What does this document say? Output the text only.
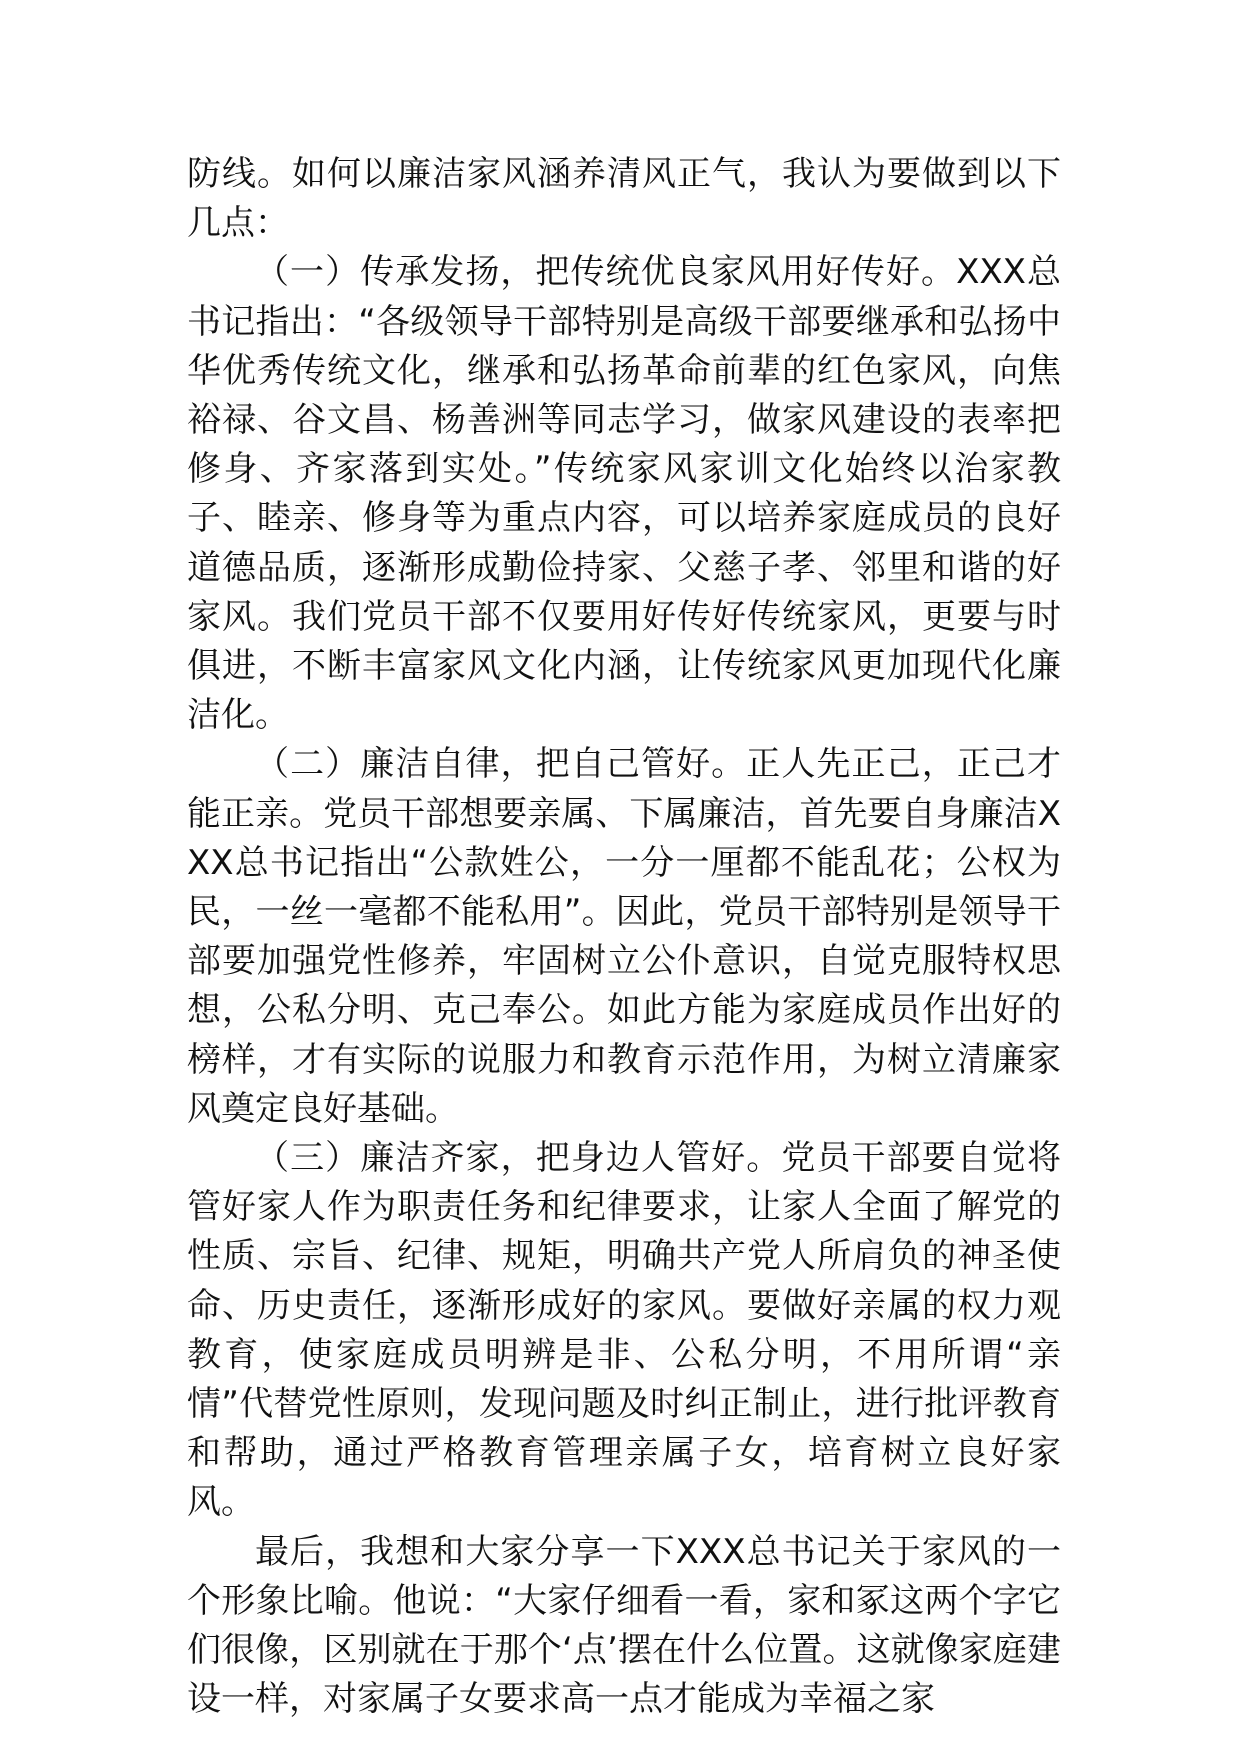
防线。如何以廉洁家风涵养清风正气，我认为要做到以下几点：

（一）传承发扬，把传统优良家风用好传好。XXX总书记指出：“各级领导干部特别是高级干部要继承和弘扬中华优秀传统文化，继承和弘扬革命前辈的红色家风，向焦裕禄、谷文昌、杨善洲等同志学习，做家风建设的表率把修身、齐家落到实处。”传统家风家训文化始终以治家教子、睦亲、修身等为重点内容，可以培养家庭成员的良好道德品质，逐渐形成勤俭持家、父慈子孝、邻里和谐的好家风。我们党员干部不仅要用好传好传统家风，更要与时俱进，不断丰富家风文化内涵，让传统家风更加现代化廉洁化。

（二）廉洁自律，把自己管好。正人先正己，正己才能正亲。党员干部想要亲属、下属廉洁，首先要自身廉洁XXX总书记指出“公款姓公，一分一厘都不能乱花；公权为民，一丝一毫都不能私用”。因此，党员干部特别是领导干部要加强党性修养，牢固树立公仆意识，自觉克服特权思想，公私分明、克己奉公。如此方能为家庭成员作出好的榜样，才有实际的说服力和教育示范作用，为树立清廉家风奠定良好基础。

（三）廉洁齐家，把身边人管好。党员干部要自觉将管好家人作为职责任务和纪律要求，让家人全面了解党的性质、宗旨、纪律、规矩，明确共产党人所肩负的神圣使命、历史责任，逐渐形成好的家风。要做好亲属的权力观教育，使家庭成员明辨是非、公私分明，不用所谓“亲情”代替党性原则，发现问题及时纠正制止，进行批评教育和帮助，通过严格教育管理亲属子女，培育树立良好家风。

最后，我想和大家分享一下XXX总书记关于家风的一个形象比喻。他说：“大家仔细看一看，家和冢这两个字它们很像，区别就在于那个‘点’摆在什么位置。这就像家庭建设一样，对家属子女要求高一点才能成为幸福之家
